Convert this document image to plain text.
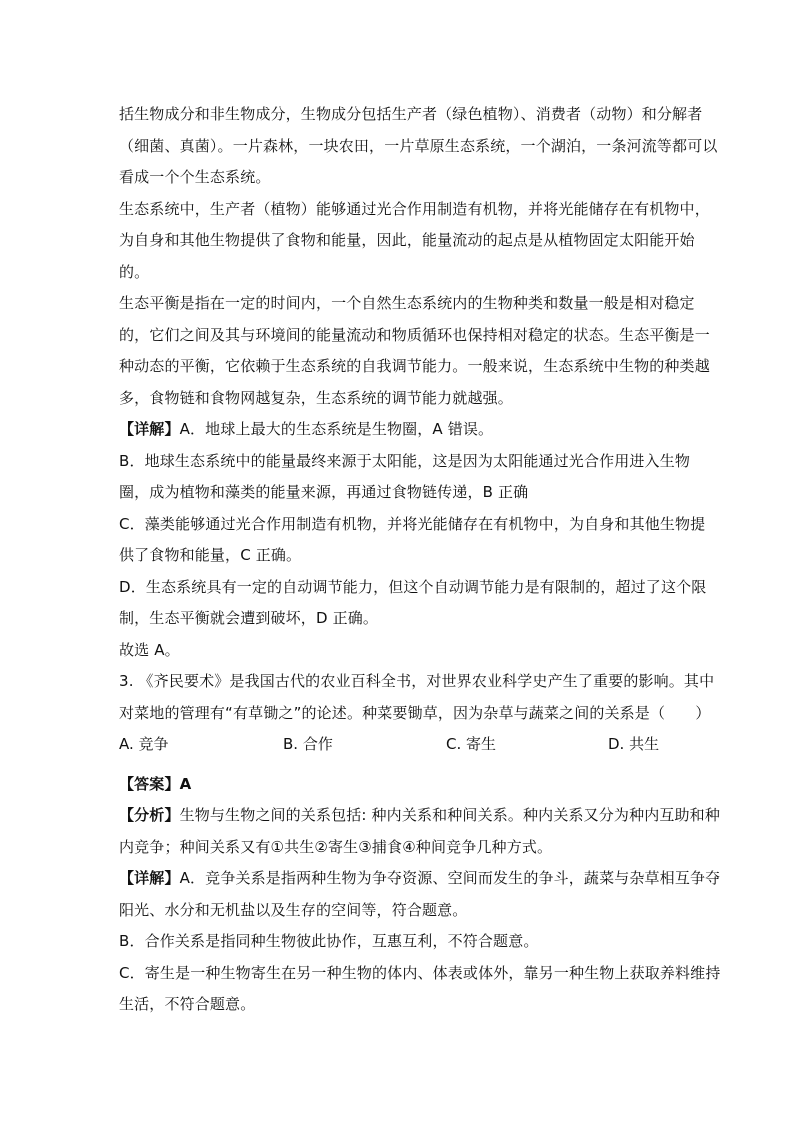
括生物成分和非生物成分，生物成分包括生产者（绿色植物）、消费者（动物）和分解者
（细菌、真菌）。一片森林，一块农田，一片草原生态系统，一个湖泊，一条河流等都可以
看成一个个生态系统。
生态系统中，生产者（植物）能够通过光合作用制造有机物，并将光能储存在有机物中，
为自身和其他生物提供了食物和能量，因此，能量流动的起点是从植物固定太阳能开始
的。
生态平衡是指在一定的时间内，一个自然生态系统内的生物种类和数量一般是相对稳定
的，它们之间及其与环境间的能量流动和物质循环也保持相对稳定的状态。生态平衡是一
种动态的平衡，它依赖于生态系统的自我调节能力。一般来说，生态系统中生物的种类越
多，食物链和食物网越复杂，生态系统的调节能力就越强。
【详解】A．地球上最大的生态系统是生物圈，A 错误。
B．地球生态系统中的能量最终来源于太阳能，这是因为太阳能通过光合作用进入生物
圈，成为植物和藻类的能量来源，再通过食物链传递，B 正确
C．藻类能够通过光合作用制造有机物，并将光能储存在有机物中，为自身和其他生物提
供了食物和能量，C 正确。
D．生态系统具有一定的自动调节能力，但这个自动调节能力是有限制的，超过了这个限
制，生态平衡就会遭到破坏，D 正确。
故选 A。
3. 《齐民要术》是我国古代的农业百科全书，对世界农业科学史产生了重要的影响。其中
对菜地的管理有“有草锄之”的论述。种菜要锄草，因为杂草与蔬菜之间的关系是（　　）
A. 竞争	B. 合作	C. 寄生	D. 共生
【答案】A
【分析】生物与生物之间的关系包括: 种内关系和种间关系。种内关系又分为种内互助和种
内竞争；种间关系又有①共生②寄生③捕食④种间竞争几种方式。
【详解】A．竞争关系是指两种生物为争夺资源、空间而发生的争斗，蔬菜与杂草相互争夺
阳光、水分和无机盐以及生存的空间等，符合题意。
B．合作关系是指同种生物彼此协作，互惠互利，不符合题意。
C．寄生是一种生物寄生在另一种生物的体内、体表或体外，靠另一种生物上获取养料维持
生活，不符合题意。
